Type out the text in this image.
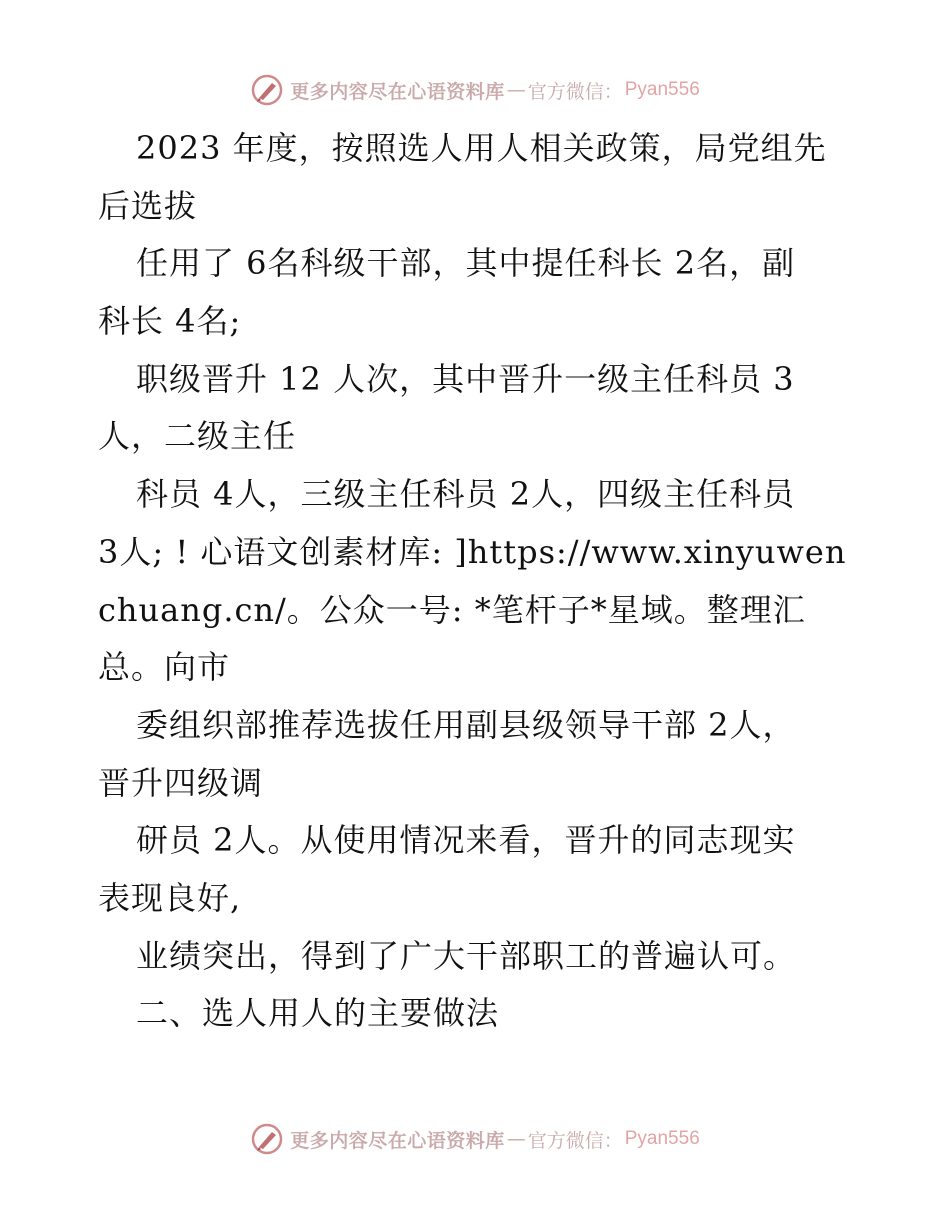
更多内容尽在心语资料库 — 官方微信： Pyan556
2023 年度，按照选人用人相关政策，局党组先
后选拔
任用了 6名科级干部，其中提任科长 2名，副
科长 4名;
职级晋升 12 人次，其中晋升一级主任科员 3
人，二级主任
科员 4人，三级主任科员 2人，四级主任科员
3人; ! 心语文创素材库: ]https://www.xinyuwen
chuang.cn/。公众一号: *笔杆子*星域。整理汇
总。向市
委组织部推荐选拔任用副县级领导干部 2人，
晋升四级调
研员 2人。从使用情况来看，晋升的同志现实
表现良好,
业绩突出，得到了广大干部职工的普遍认可。
二、选人用人的主要做法
更多内容尽在心语资料库 — 官方微信： Pyan556
